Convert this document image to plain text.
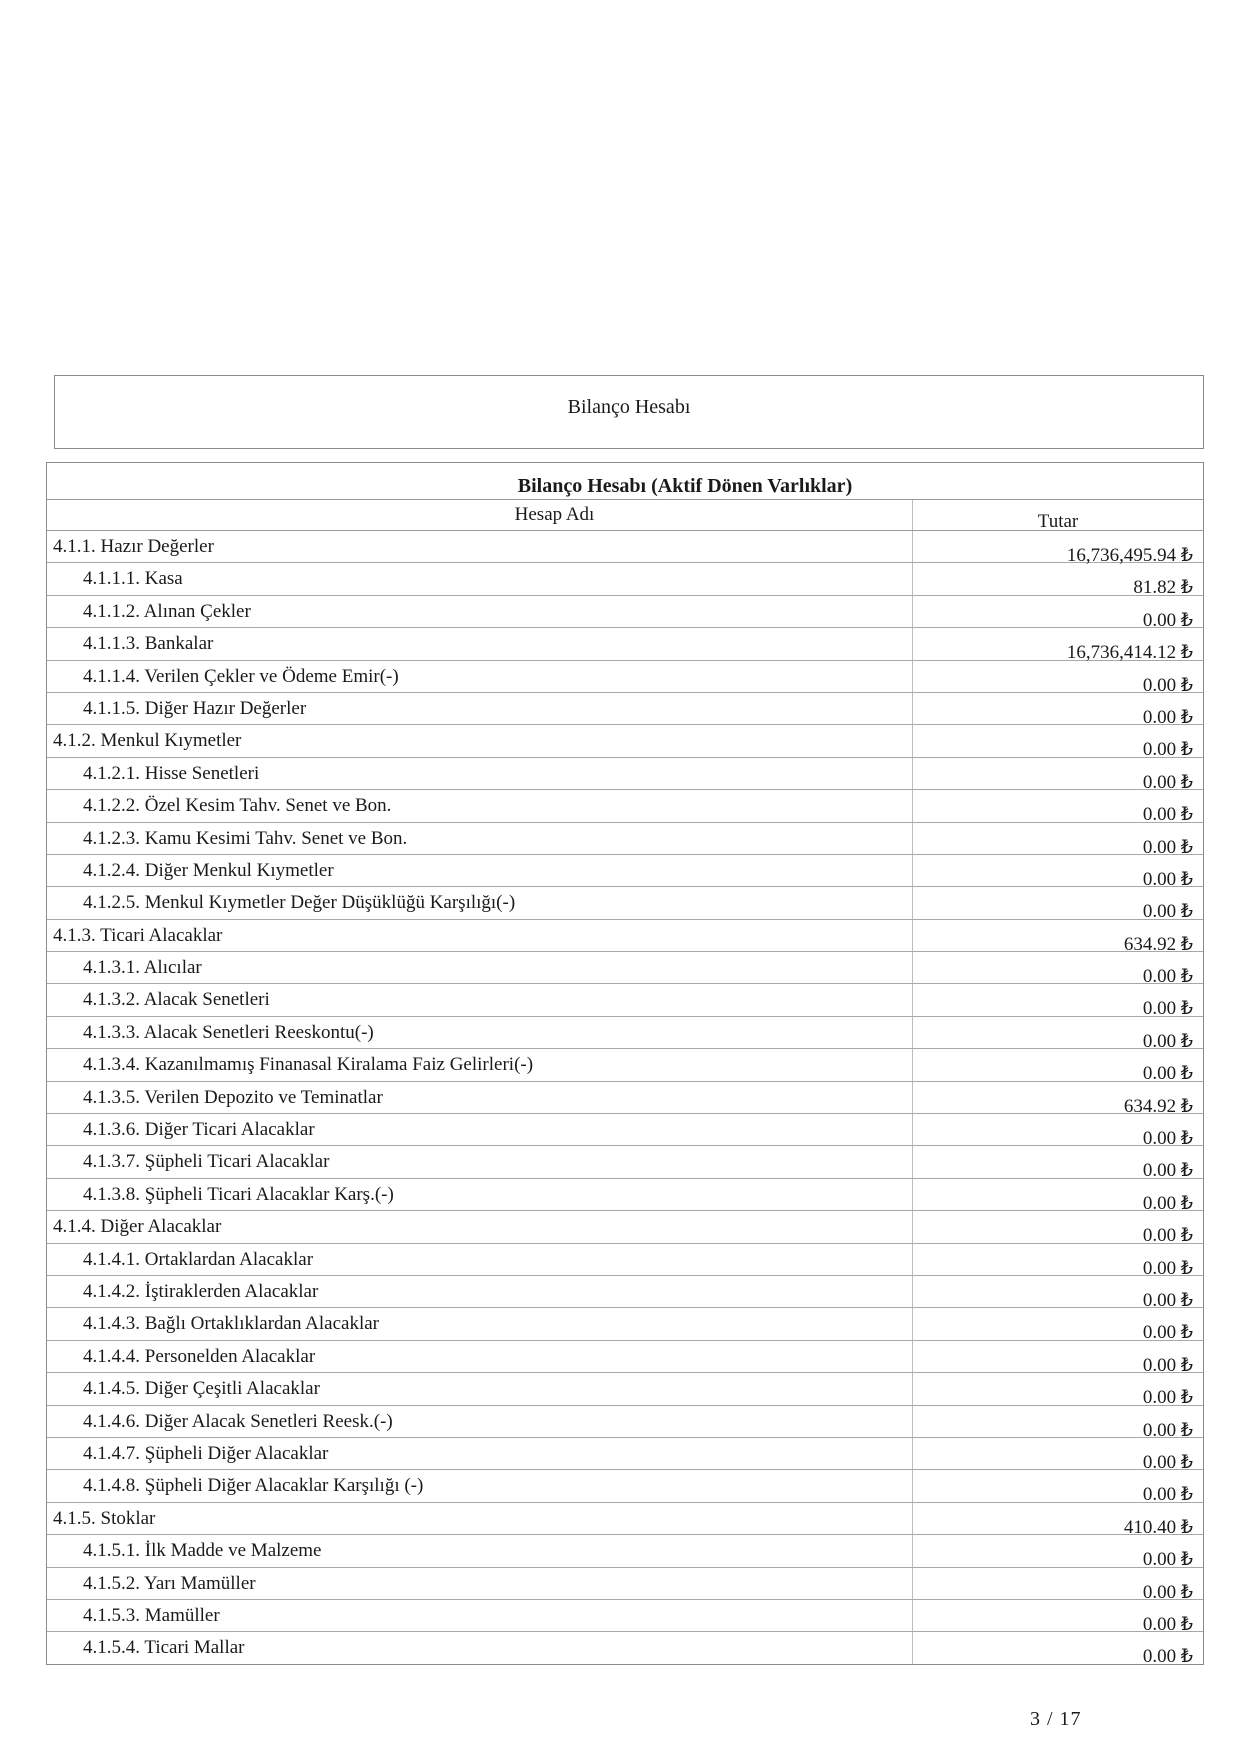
Bilanço Hesabı
Bilanço Hesabı (Aktif Dönen Varlıklar)
Hesap Adı	Tutar
4.1.1. Hazır Değerler	16,736,495.94 ₺
4.1.1.1. Kasa	81.82 ₺
4.1.1.2. Alınan Çekler	0.00 ₺
4.1.1.3. Bankalar	16,736,414.12 ₺
4.1.1.4. Verilen Çekler ve Ödeme Emir(-)	0.00 ₺
4.1.1.5. Diğer Hazır Değerler	0.00 ₺
4.1.2. Menkul Kıymetler	0.00 ₺
4.1.2.1. Hisse Senetleri	0.00 ₺
4.1.2.2. Özel Kesim Tahv. Senet ve Bon.	0.00 ₺
4.1.2.3. Kamu Kesimi Tahv. Senet ve Bon.	0.00 ₺
4.1.2.4. Diğer Menkul Kıymetler	0.00 ₺
4.1.2.5. Menkul Kıymetler Değer Düşüklüğü Karşılığı(-)	0.00 ₺
4.1.3. Ticari Alacaklar	634.92 ₺
4.1.3.1. Alıcılar	0.00 ₺
4.1.3.2. Alacak Senetleri	0.00 ₺
4.1.3.3. Alacak Senetleri Reeskontu(-)	0.00 ₺
4.1.3.4. Kazanılmamış Finanasal Kiralama Faiz Gelirleri(-)	0.00 ₺
4.1.3.5. Verilen Depozito ve Teminatlar	634.92 ₺
4.1.3.6. Diğer Ticari Alacaklar	0.00 ₺
4.1.3.7. Şüpheli Ticari Alacaklar	0.00 ₺
4.1.3.8. Şüpheli Ticari Alacaklar Karş.(-)	0.00 ₺
4.1.4. Diğer Alacaklar	0.00 ₺
4.1.4.1. Ortaklardan Alacaklar	0.00 ₺
4.1.4.2. İştiraklerden Alacaklar	0.00 ₺
4.1.4.3. Bağlı Ortaklıklardan Alacaklar	0.00 ₺
4.1.4.4. Personelden Alacaklar	0.00 ₺
4.1.4.5. Diğer Çeşitli Alacaklar	0.00 ₺
4.1.4.6. Diğer Alacak Senetleri Reesk.(-)	0.00 ₺
4.1.4.7. Şüpheli Diğer Alacaklar	0.00 ₺
4.1.4.8. Şüpheli Diğer Alacaklar Karşılığı (-)	0.00 ₺
4.1.5. Stoklar	410.40 ₺
4.1.5.1. İlk Madde ve Malzeme	0.00 ₺
4.1.5.2. Yarı Mamüller	0.00 ₺
4.1.5.3. Mamüller	0.00 ₺
4.1.5.4. Ticari Mallar	0.00 ₺
3 / 17
